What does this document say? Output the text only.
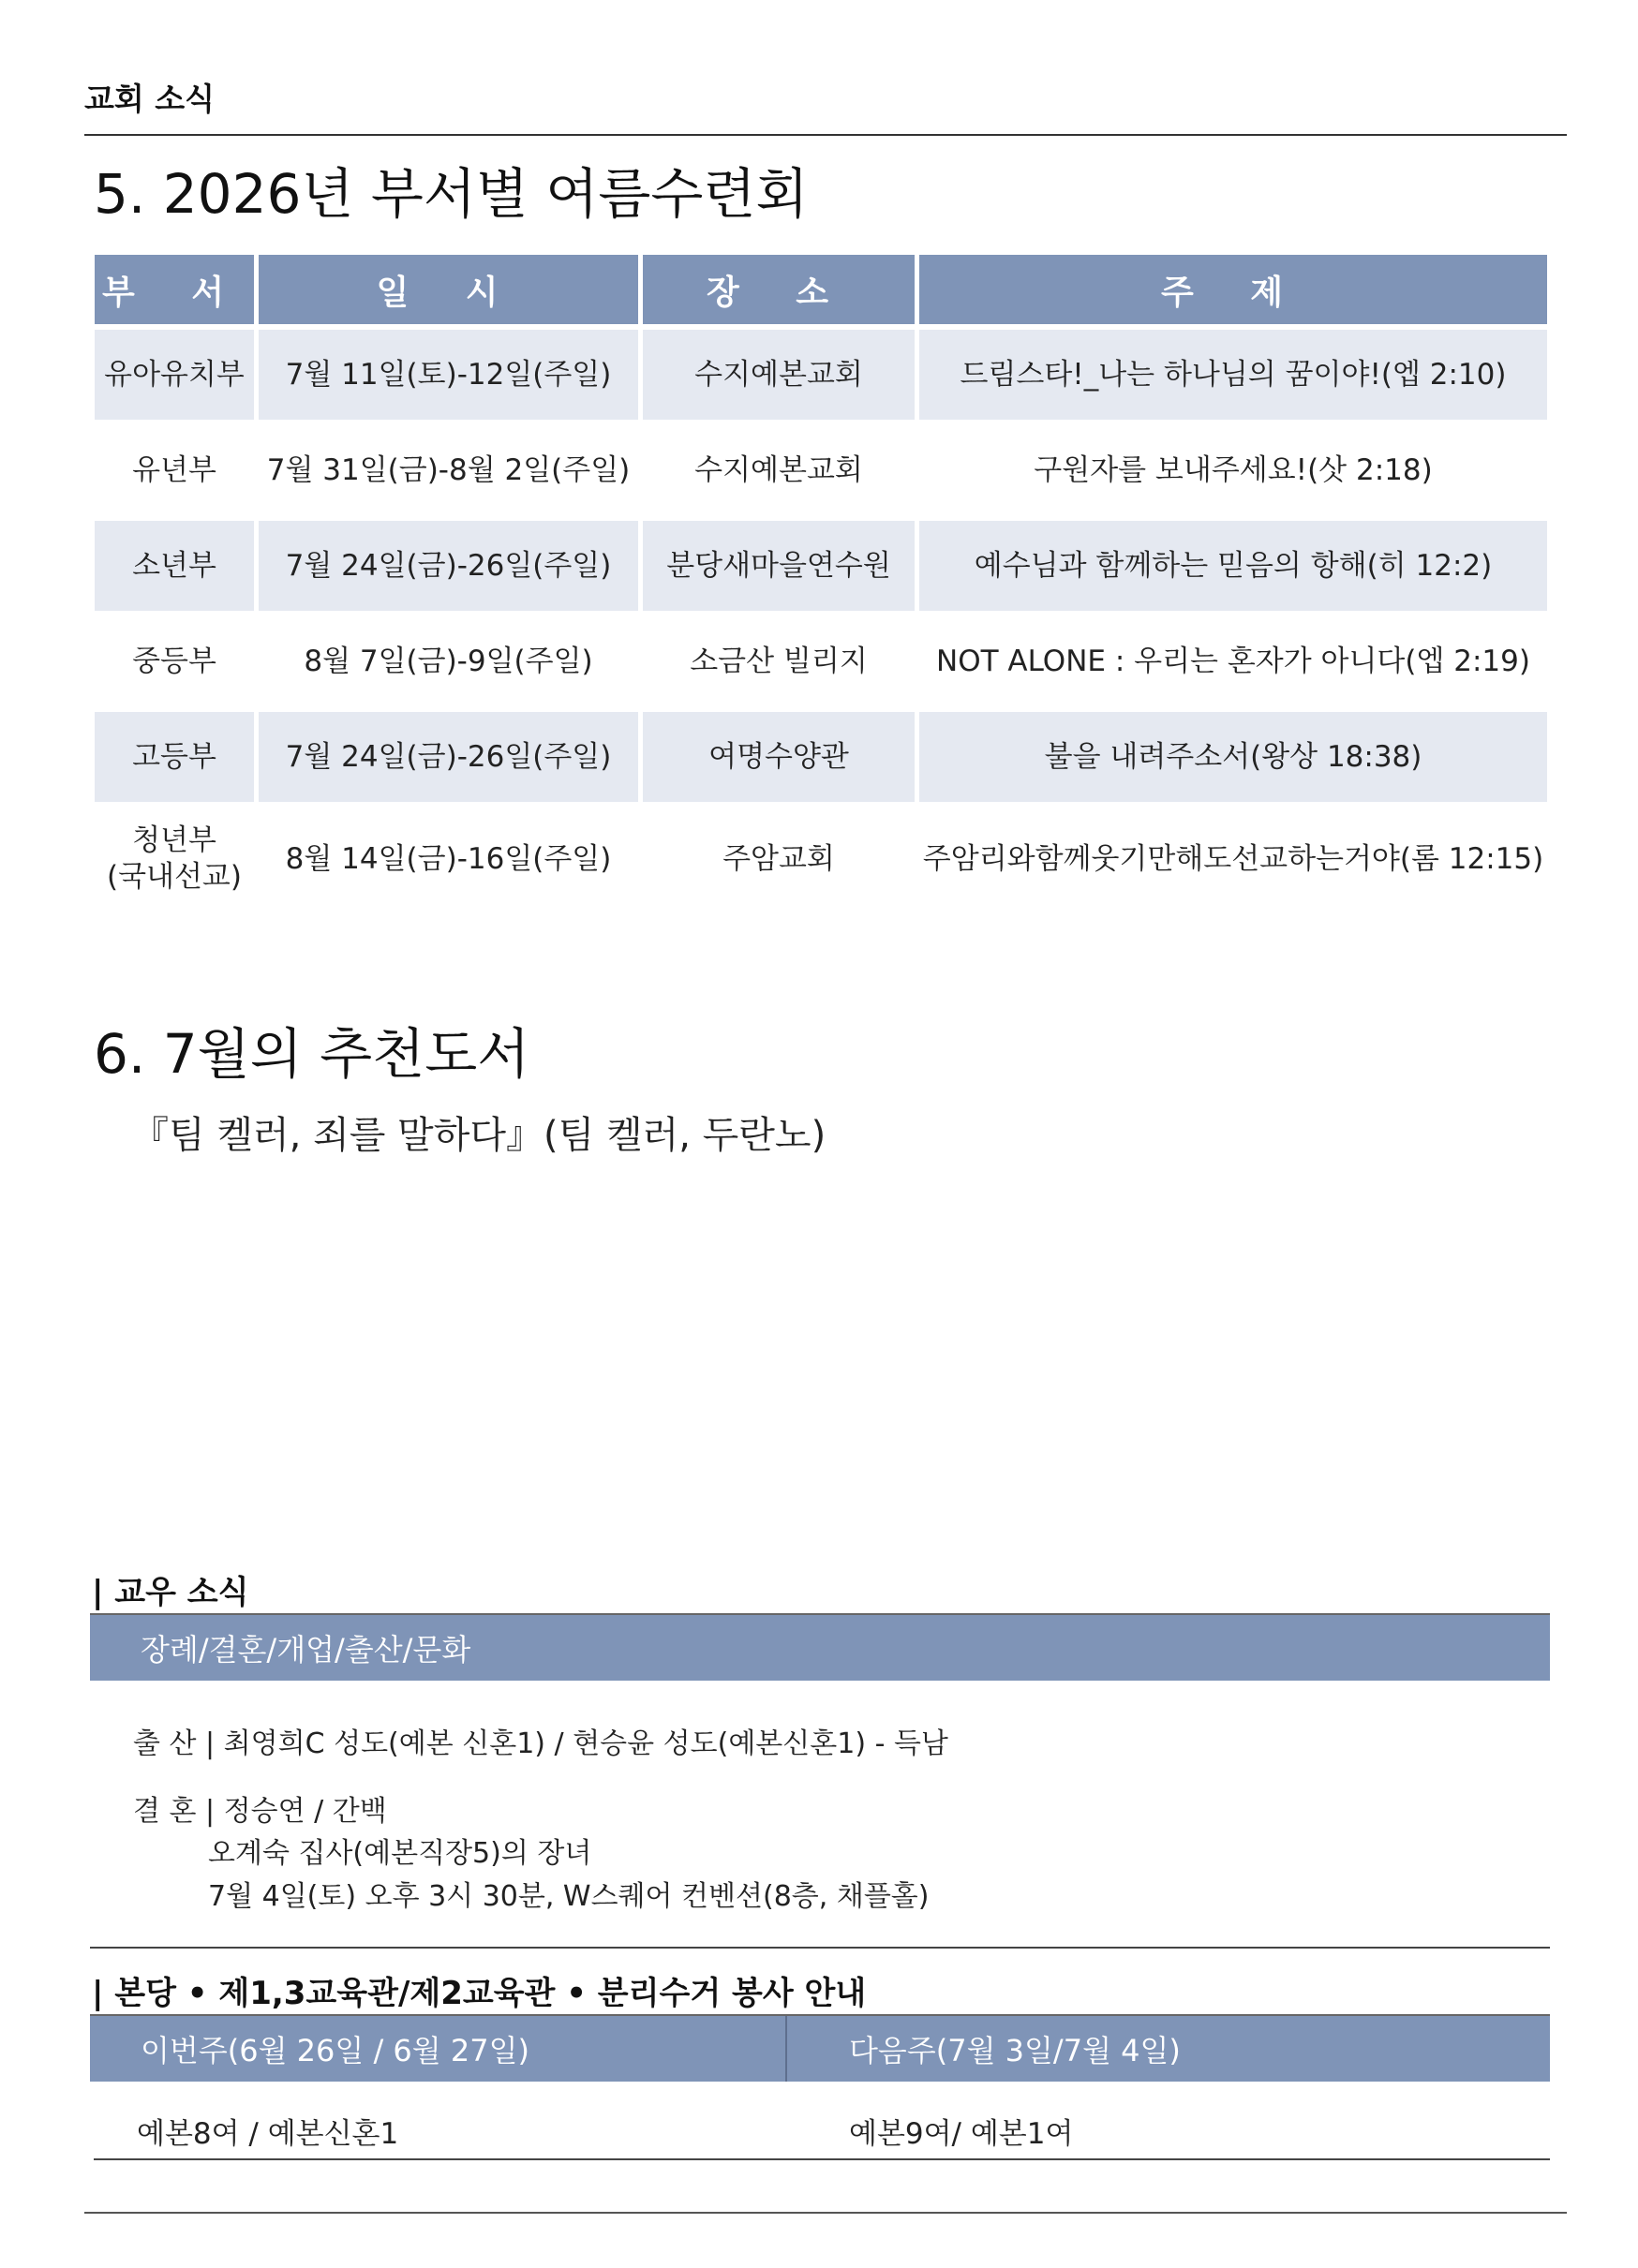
교회 소식
5. 2026년 부서별 여름수련회
부 서	일 시	장 소	주 제
유아유치부	7월 11일(토)-12일(주일)	수지예본교회	드림스타!_나는 하나님의 꿈이야!(엡 2:10)
유년부	7월 31일(금)-8월 2일(주일)	수지예본교회	구원자를 보내주세요!(삿 2:18)
소년부	7월 24일(금)-26일(주일)	분당새마을연수원	예수님과 함께하는 믿음의 항해(히 12:2)
중등부	8월 7일(금)-9일(주일)	소금산 빌리지	NOT ALONE : 우리는 혼자가 아니다(엡 2:19)
고등부	7월 24일(금)-26일(주일)	여명수양관	불을 내려주소서(왕상 18:38)

청년부
(국내선교)	8월 14일(금)-16일(주일)	주암교회	주암리와함께웃기만해도선교하는거야(롬 12:15)
6. 7월의 추천도서
『팀 켈러, 죄를 말하다』(팀 켈러, 두란노)
| 교우 소식
장례/결혼/개업/출산/문화
출 산 | 최영희C 성도(예본 신혼1) / 현승윤 성도(예본신혼1) - 득남
결 혼 | 정승연 / 간백
오계숙 집사(예본직장5)의 장녀
7월 4일(토) 오후 3시 30분, W스퀘어 컨벤션(8층, 채플홀)
| 본당 • 제1,3교육관/제2교육관 • 분리수거 봉사 안내
이번주(6월 26일 / 6월 27일)	다음주(7월 3일/7월 4일)
예본8여 / 예본신혼1	예본9여/ 예본1여
